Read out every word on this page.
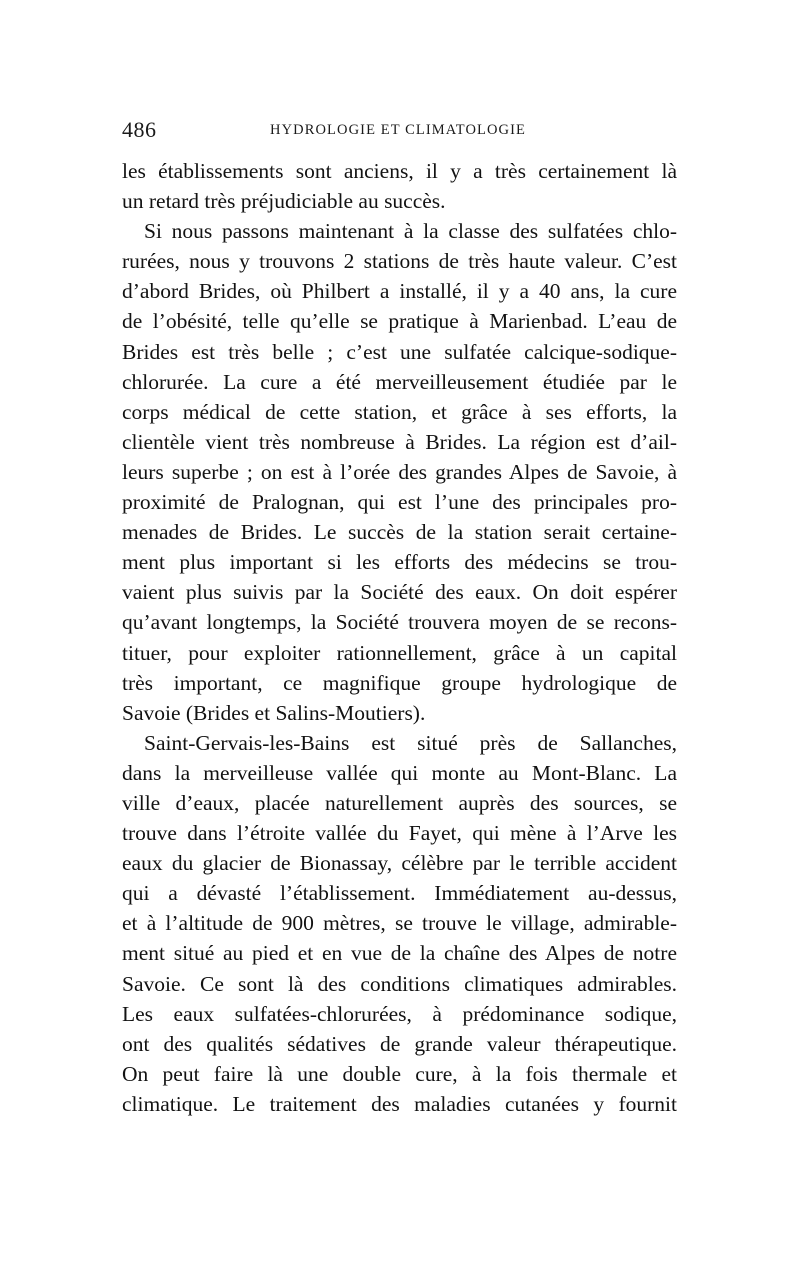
486	HYDROLOGIE ET CLIMATOLOGIE
les établissements sont anciens, il y a très certainement là
un retard très préjudiciable au succès.
Si nous passons maintenant à la classe des sulfatées chlo-
rurées, nous y trouvons 2 stations de très haute valeur. C’est
d’abord Brides, où Philbert a installé, il y a 40 ans, la cure
de l’obésité, telle qu’elle se pratique à Marienbad. L’eau de
Brides est très belle ; c’est une sulfatée calcique-sodique-
chlorurée. La cure a été merveilleusement étudiée par le
corps médical de cette station, et grâce à ses efforts, la
clientèle vient très nombreuse à Brides. La région est d’ail-
leurs superbe ; on est à l’orée des grandes Alpes de Savoie, à
proximité de Pralognan, qui est l’une des principales pro-
menades de Brides. Le succès de la station serait certaine-
ment plus important si les efforts des médecins se trou-
vaient plus suivis par la Société des eaux. On doit espérer
qu’avant longtemps, la Société trouvera moyen de se recons-
tituer, pour exploiter rationnellement, grâce à un capital
très important, ce magnifique groupe hydrologique de
Savoie (Brides et Salins-Moutiers).
Saint-Gervais-les-Bains est situé près de Sallanches,
dans la merveilleuse vallée qui monte au Mont-Blanc. La
ville d’eaux, placée naturellement auprès des sources, se
trouve dans l’étroite vallée du Fayet, qui mène à l’Arve les
eaux du glacier de Bionassay, célèbre par le terrible accident
qui a dévasté l’établissement. Immédiatement au-dessus,
et à l’altitude de 900 mètres, se trouve le village, admirable-
ment situé au pied et en vue de la chaîne des Alpes de notre
Savoie. Ce sont là des conditions climatiques admirables.
Les eaux sulfatées-chlorurées, à prédominance sodique,
ont des qualités sédatives de grande valeur thérapeutique.
On peut faire là une double cure, à la fois thermale et
climatique. Le traitement des maladies cutanées y fournit
